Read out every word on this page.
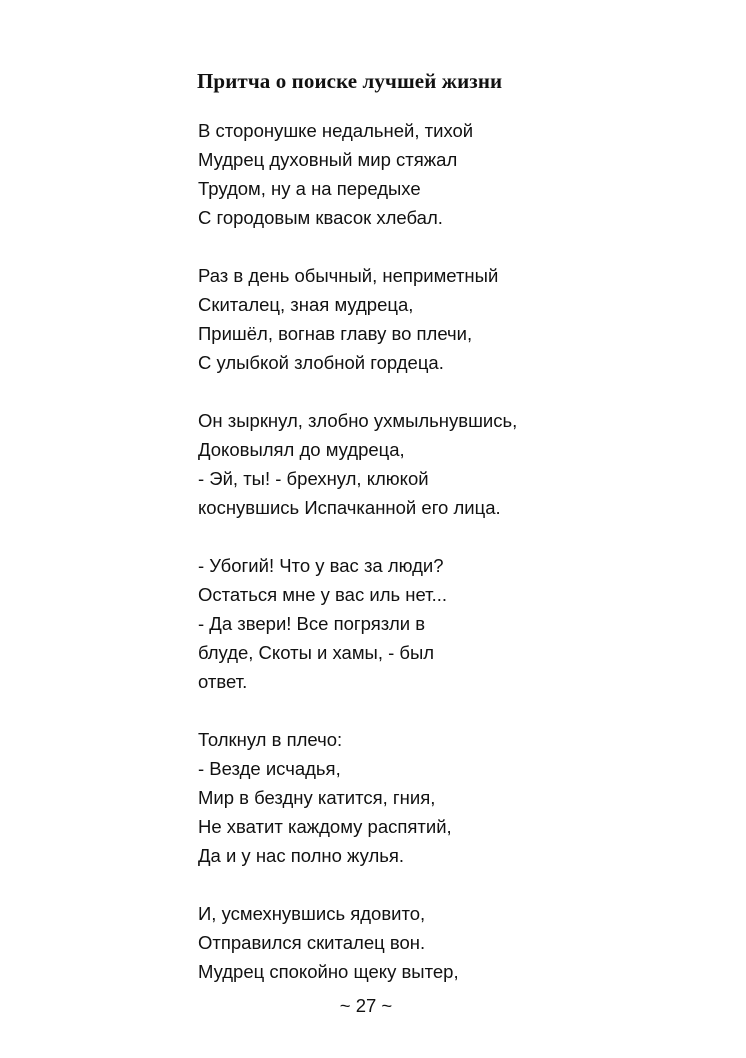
Притча о поиске лучшей жизни
В сторонушке недальней, тихой
Мудрец духовный мир стяжал
Трудом, ну а на передыхе
С городовым квасок хлебал.
Раз в день обычный, неприметный
Скиталец, зная мудреца,
Пришёл, вогнав главу во плечи,
С улыбкой злобной гордеца.
Он зыркнул, злобно ухмыльнувшись,
Доковылял до мудреца,
- Эй, ты! - брехнул, клюкой
коснувшись Испачканной его лица.
- Убогий! Что у вас за люди?
Остаться мне у вас иль нет...
- Да звери! Все погрязли в
блуде, Скоты и хамы, - был
ответ.
Толкнул в плечо:
- Везде исчадья,
Мир в бездну катится, гния,
Не хватит каждому распятий,
Да и у нас полно жулья.
И, усмехнувшись ядовито,
Отправился скиталец вон.
Мудрец спокойно щеку вытер,
~ 27 ~
